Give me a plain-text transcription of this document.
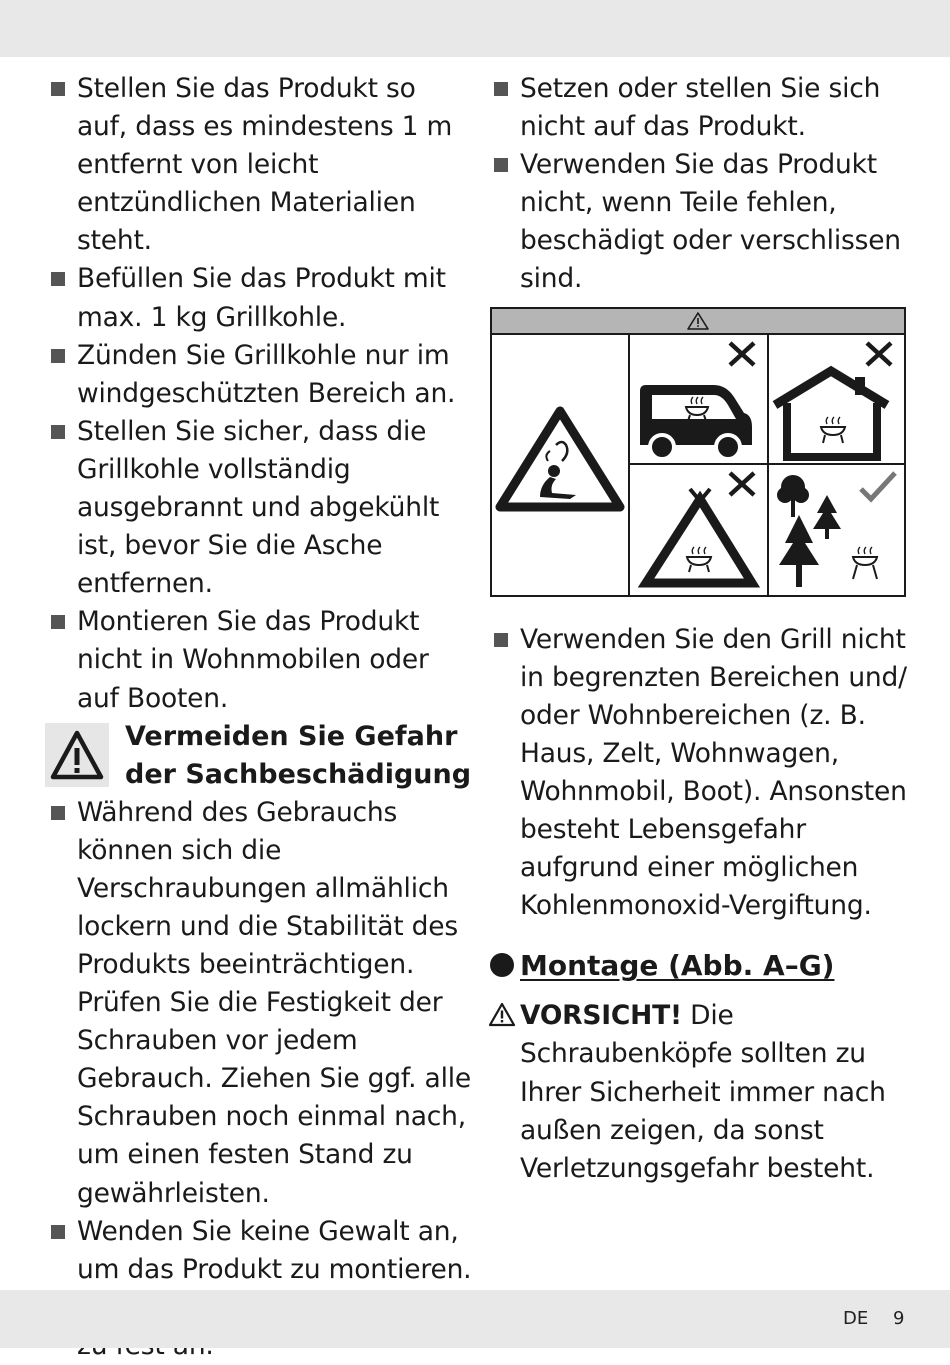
Stellen Sie das Produkt so auf, dass es mindestens 1 m entfernt von leicht entzündlichen Materialien steht.
Befüllen Sie das Produkt mit max. 1 kg Grillkohle.
Zünden Sie Grillkohle nur im windgeschützten Bereich an.
Stellen Sie sicher, dass die Grillkohle vollständig ausgebrannt und abgekühlt ist, bevor Sie die Asche entfernen.
Montieren Sie das Produkt nicht in Wohnmobilen oder auf Booten.
Vermeiden Sie Gefahr
der Sachbeschädigung
Während des Gebrauchs können sich die Verschraubungen allmählich lockern und die Stabilität des Produkts beeinträchtigen. Prüfen Sie die Festigkeit der Schrauben vor jedem Gebrauch. Ziehen Sie ggf. alle Schrauben noch einmal nach, um einen festen Stand zu gewährleisten.
Wenden Sie keine Gewalt an, um das Produkt zu montieren.
Setzen oder stellen Sie sich nicht auf das Produkt.
Verwenden Sie das Produkt nicht, wenn Teile fehlen, beschädigt oder verschlissen sind.
Verwenden Sie den Grill nicht in begrenzten Bereichen und/ oder Wohnbereichen (z. B. Haus, Zelt, Wohnwagen, Wohnmobil, Boot). Ansonsten besteht Lebensgefahr aufgrund einer möglichen Kohlenmonoxid-Vergiftung.
Montage (Abb. A–G)
VORSICHT! Die Schraubenköpfe sollten zu Ihrer Sicherheit immer nach außen zeigen, da sonst Verletzungsgefahr besteht.
DE 9
